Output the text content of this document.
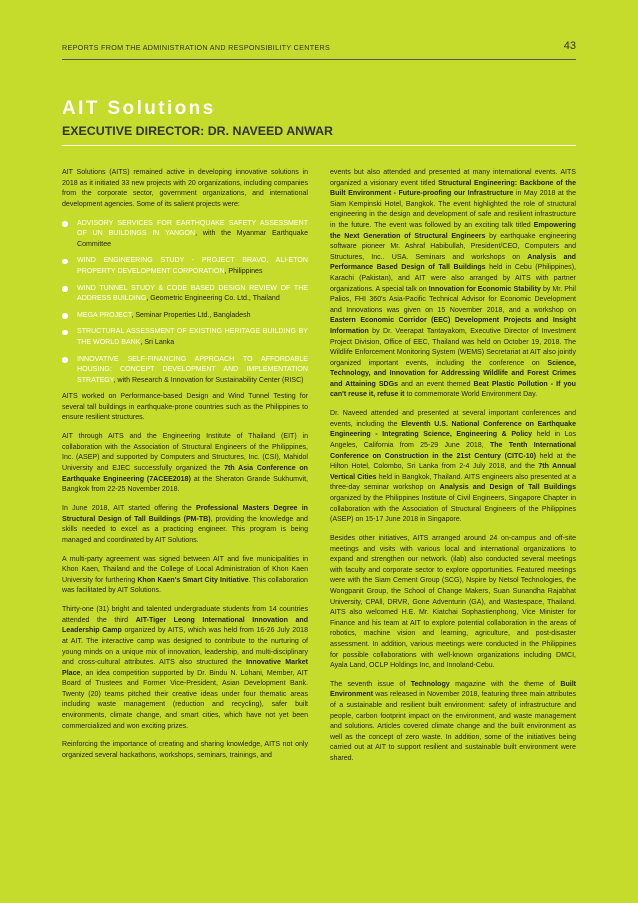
REPORTS FROM THE ADMINISTRATION AND RESPONSIBILITY CENTERS	43
AIT Solutions
EXECUTIVE DIRECTOR: DR. NAVEED ANWAR

AIT Solutions (AITS) remained active in developing innovative solutions in 2018 as it initiated 33 new projects with 20 organizations, including companies from the corporate sector, government organizations, and international development agencies. Some of its salient projects were:

ADVISORY SERVICES FOR EARTHQUAKE SAFETY ASSESSMENT OF UN BUILDINGS IN YANGON, with the Myanmar Earthquake Committee
WIND ENGINEERING STUDY - PROJECT BRAVO, ALI-ETON PROPERTY DEVELOPMENT CORPORATION, Philippines
WIND TUNNEL STUDY & CODE BASED DESIGN REVIEW OF THE ADDRESS BUILDING, Geometric Engineering Co. Ltd., Thailand
MEGA PROJECT, Seminar Properties Ltd., Bangladesh
STRUCTURAL ASSESSMENT OF EXISTING HERITAGE BUILDING BY THE WORLD BANK, Sri Lanka
INNOVATIVE SELF-FINANCING APPROACH TO AFFORDABLE HOUSING: CONCEPT DEVELOPMENT AND IMPLEMENTATION STRATEGY, with Research & Innovation for Sustainability Center (RISC)

AITS worked on Performance-based Design and Wind Tunnel Testing for several tall buildings in earthquake-prone countries such as the Philippines to ensure resilient structures.

AIT through AITS and the Engineering Institute of Thailand (EIT) in collaboration with the Association of Structural Engineers of the Philippines, Inc. (ASEP) and supported by Computers and Structures, Inc. (CSI), Mahidol University and EJEC successfully organized the 7th Asia Conference on Earthquake Engineering (7ACEE2018) at the Sheraton Grande Sukhumvit, Bangkok from 22-25 November 2018.

In June 2018, AIT started offering the Professional Masters Degree in Structural Design of Tall Buildings (PM-TB), providing the knowledge and skills needed to excel as a practicing engineer. This program is being managed and coordinated by AIT Solutions.

A multi-party agreement was signed between AIT and five municipalities in Khon Kaen, Thailand and the College of Local Administration of Khon Kaen University for furthering Khon Kaen's Smart City Initiative. This collaboration was facilitated by AIT Solutions.

Thirty-one (31) bright and talented undergraduate students from 14 countries attended the third AIT-Tiger Leong International Innovation and Leadership Camp organized by AITS, which was held from 16-26 July 2018 at AIT. The interactive camp was designed to contribute to the nurturing of young minds on a unique mix of innovation, leadership, and multi-disciplinary and cross-cultural attributes. AITS also structured the Innovative Market Place, an idea competition supported by Dr. Bindu N. Lohani, Member, AIT Board of Trustees and Former Vice-President, Asian Development Bank. Twenty (20) teams pitched their creative ideas under four thematic areas including waste management (reduction and recycling), safer built environments, climate change, and smart cities, which have not yet been commercialized and won exciting prizes.

Reinforcing the importance of creating and sharing knowledge, AITS not only organized several hackathons, workshops, seminars, trainings, and

events but also attended and presented at many international events. AITS organized a visionary event titled Structural Engineering: Backbone of the Built Environment - Future-proofing our Infrastructure in May 2018 at the Siam Kempinski Hotel, Bangkok. The event highlighted the role of structural engineering in the design and development of safe and resilient infrastructure in the future. The event was followed by an exciting talk titled Empowering the Next Generation of Structural Engineers by earthquake engineering software pioneer Mr. Ashraf Habibullah, President/CEO, Computers and Structures, Inc.. USA. Seminars and workshops on Analysis and Performance Based Design of Tall Buildings held in Cebu (Philippines), Karachi (Pakistan), and AIT were also arranged by AITS with partner organizations. A special talk on Innovation for Economic Stability by Mr. Phil Palios, FHI 360's Asia-Pacific Technical Advisor for Economic Development and Innovations was given on 15 November 2018, and a workshop on Eastern Economic Corridor (EEC) Development Projects and Insight Information by Dr. Veerapat Tantayakom, Executive Director of Investment Project Division, Office of EEC, Thailand was held on October 19, 2018. The Wildlife Enforcement Monitoring System (WEMS) Secretariat at AIT also jointly organized important events, including the conference on Science, Technology, and Innovation for Addressing Wildlife and Forest Crimes and Attaining SDGs and an event themed Beat Plastic Pollution - If you can't reuse it, refuse it to commemorate World Environment Day.

Dr. Naveed attended and presented at several important conferences and events, including the Eleventh U.S. National Conference on Earthquake Engineering - Integrating Science, Engineering & Policy held in Los Angeles, California from 25-29 June 2018, The Tenth International Conference on Construction in the 21st Century (CITC-10) held at the Hilton Hotel, Colombo, Sri Lanka from 2-4 July 2018, and the 7th Annual Vertical Cities held in Bangkok, Thailand. AITS engineers also presented at a three-day seminar workshop on Analysis and Design of Tall Buildings organized by the Philippines Institute of Civil Engineers, Singapore Chapter in collaboration with the Association of Structural Engineers of the Philippines (ASEP) on 15-17 June 2018 in Singapore.

Besides other initiatives, AITS arranged around 24 on-campus and off-site meetings and visits with various local and international organizations to expand and strengthen our network. (ilab) also conducted several meetings with faculty and corporate sector to explore opportunities. Featured meetings were with the Siam Cement Group (SCG), Nspire by Netsol Technologies, the Wongpanit Group, the School of Change Makers, Suan Sunandha Rajabhat University, CPAll, DRVR, Gone Adventurin (GA), and Wastespace, Thailand. AITS also welcomed H.E. Mr. Kiatchai Sophastienphong, Vice Minister for Finance and his team at AIT to explore potential collaboration in the areas of robotics, machine vision and learning, agriculture, and post-disaster assessment. In addition, various meetings were conducted in the Philippines for possible collaborations with well-known organizations including DMCI, Ayala Land, OCLP Holdings Inc, and Innoland-Cebu.

The seventh issue of Technology magazine with the theme of Built Environment was released in November 2018, featuring three main attributes of a sustainable and resilient built environment: safety of infrastructure and people, carbon footprint impact on the environment, and waste management and solutions. Articles covered climate change and the built environment as well as the concept of zero waste. In addition, some of the initiatives being carried out at AIT to support resilient and sustainable built environment were shared.
